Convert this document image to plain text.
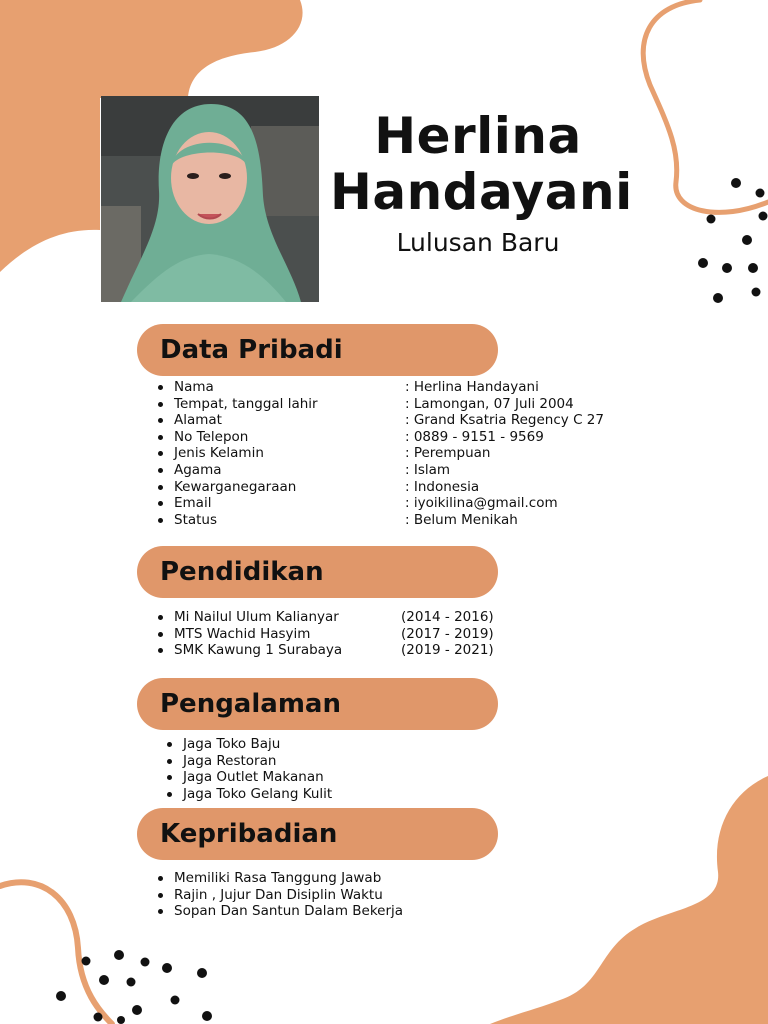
Herlina
Handayani
Lulusan Baru
Data Pribadi
Nama	: Herlina Handayani
Tempat, tanggal lahir	: Lamongan, 07 Juli 2004
Alamat	: Grand Ksatria Regency C 27
No Telepon	: 0889 - 9151 - 9569
Jenis Kelamin	: Perempuan
Agama	: Islam
Kewarganegaraan	: Indonesia
Email	: iyoikilina@gmail.com
Status	: Belum Menikah
Pendidikan
Mi Nailul Ulum Kalianyar	(2014 - 2016)
MTS Wachid Hasyim	(2017 - 2019)
SMK Kawung 1 Surabaya	(2019 - 2021)
Pengalaman
Jaga Toko Baju
Jaga Restoran
Jaga Outlet Makanan
Jaga Toko Gelang Kulit
Kepribadian
Memiliki Rasa Tanggung Jawab
Rajin , Jujur Dan Disiplin Waktu
Sopan Dan Santun Dalam Bekerja
